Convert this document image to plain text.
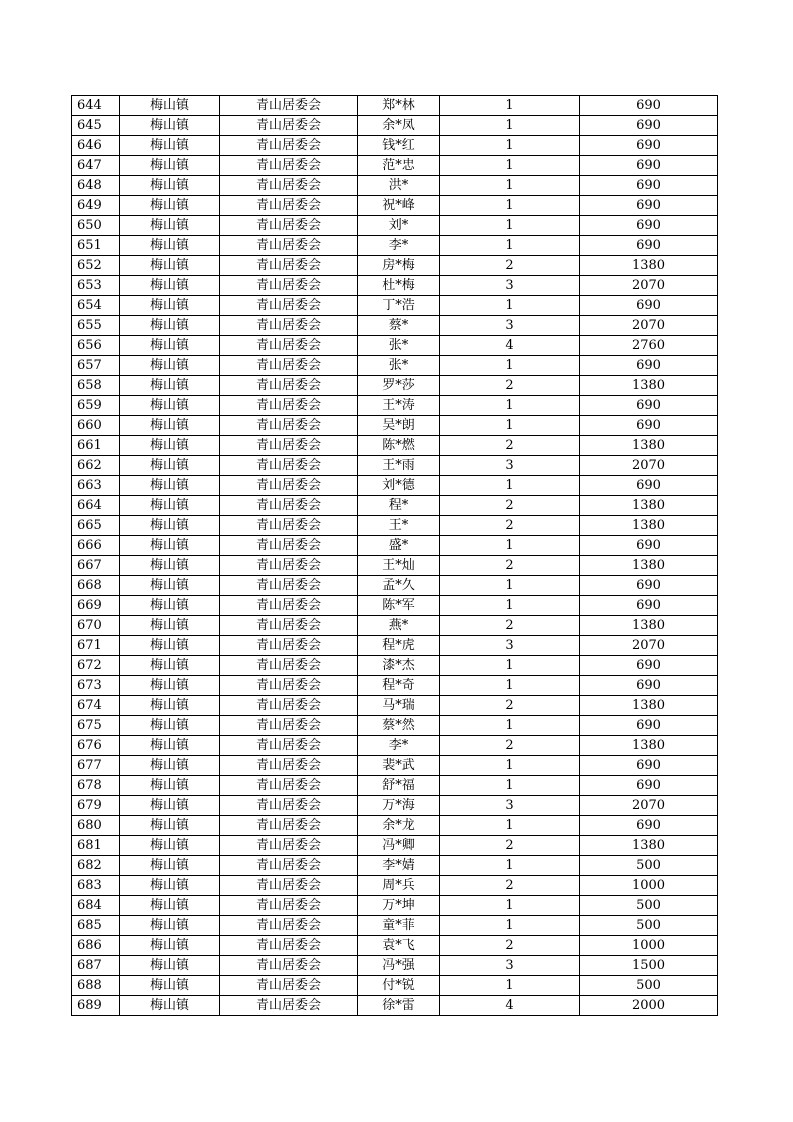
644	梅山镇	青山居委会	郑*林	1	690
645	梅山镇	青山居委会	余*凤	1	690
646	梅山镇	青山居委会	钱*红	1	690
647	梅山镇	青山居委会	范*忠	1	690
648	梅山镇	青山居委会	洪*	1	690
649	梅山镇	青山居委会	祝*峰	1	690
650	梅山镇	青山居委会	刘*	1	690
651	梅山镇	青山居委会	李*	1	690
652	梅山镇	青山居委会	房*梅	2	1380
653	梅山镇	青山居委会	杜*梅	3	2070
654	梅山镇	青山居委会	丁*浩	1	690
655	梅山镇	青山居委会	蔡*	3	2070
656	梅山镇	青山居委会	张*	4	2760
657	梅山镇	青山居委会	张*	1	690
658	梅山镇	青山居委会	罗*莎	2	1380
659	梅山镇	青山居委会	王*涛	1	690
660	梅山镇	青山居委会	吴*朗	1	690
661	梅山镇	青山居委会	陈*燃	2	1380
662	梅山镇	青山居委会	王*雨	3	2070
663	梅山镇	青山居委会	刘*德	1	690
664	梅山镇	青山居委会	程*	2	1380
665	梅山镇	青山居委会	王*	2	1380
666	梅山镇	青山居委会	盛*	1	690
667	梅山镇	青山居委会	王*灿	2	1380
668	梅山镇	青山居委会	孟*久	1	690
669	梅山镇	青山居委会	陈*军	1	690
670	梅山镇	青山居委会	燕*	2	1380
671	梅山镇	青山居委会	程*虎	3	2070
672	梅山镇	青山居委会	漆*杰	1	690
673	梅山镇	青山居委会	程*奇	1	690
674	梅山镇	青山居委会	马*瑞	2	1380
675	梅山镇	青山居委会	蔡*然	1	690
676	梅山镇	青山居委会	李*	2	1380
677	梅山镇	青山居委会	裴*武	1	690
678	梅山镇	青山居委会	舒*福	1	690
679	梅山镇	青山居委会	万*海	3	2070
680	梅山镇	青山居委会	余*龙	1	690
681	梅山镇	青山居委会	冯*卿	2	1380
682	梅山镇	青山居委会	李*婧	1	500
683	梅山镇	青山居委会	周*兵	2	1000
684	梅山镇	青山居委会	万*坤	1	500
685	梅山镇	青山居委会	童*菲	1	500
686	梅山镇	青山居委会	袁*飞	2	1000
687	梅山镇	青山居委会	冯*强	3	1500
688	梅山镇	青山居委会	付*锐	1	500
689	梅山镇	青山居委会	徐*雷	4	2000
